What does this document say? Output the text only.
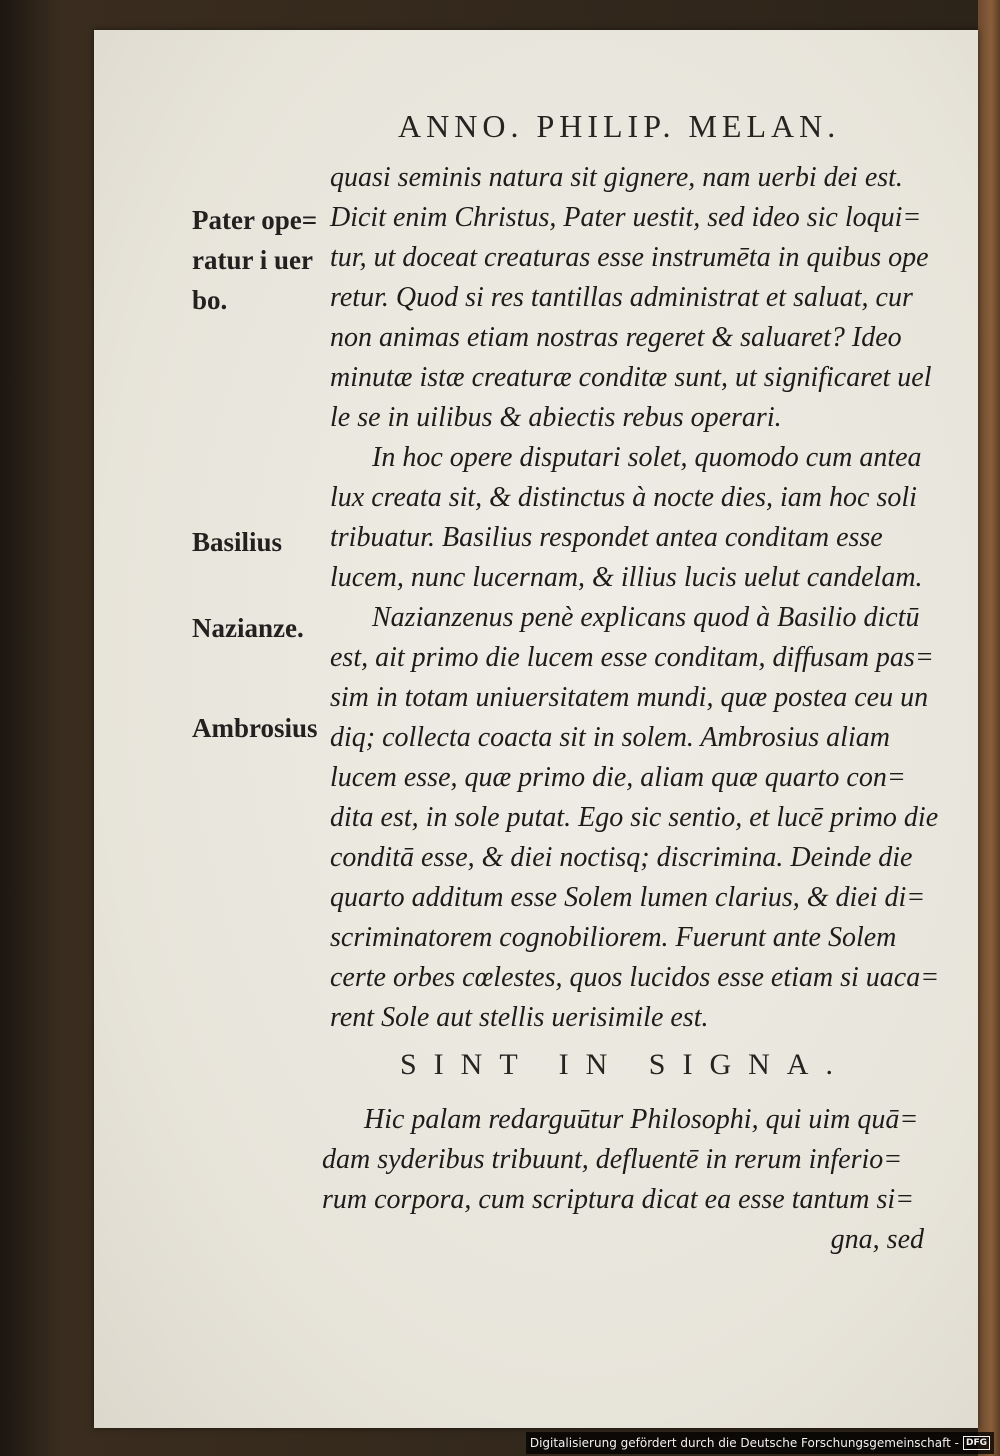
ANNO. PHILIP. MELAN.
Pater ope=
ratur i uer
bo.
Basilius
Nazianze.
Ambrosius
quasi seminis natura sit gignere, nam uerbi dei est.
Dicit enim Christus, Pater uestit, sed ideo sic loqui=
tur, ut doceat creaturas esse instrumēta in quibus ope
retur. Quod si res tantillas administrat et saluat, cur
non animas etiam nostras regeret & saluaret? Ideo
minutæ istæ creaturæ conditæ sunt, ut significaret uel
le se in uilibus & abiectis rebus operari.
In hoc opere disputari solet, quomodo cum antea
lux creata sit, & distinctus à nocte dies, iam hoc soli
tribuatur. Basilius respondet antea conditam esse
lucem, nunc lucernam, & illius lucis uelut candelam.
Nazianzenus penè explicans quod à Basilio dictū
est, ait primo die lucem esse conditam, diffusam pas=
sim in totam uniuersitatem mundi, quæ postea ceu un
diq; collecta coacta sit in solem. Ambrosius aliam
lucem esse, quæ primo die, aliam quæ quarto con=
dita est, in sole putat. Ego sic sentio, et lucē primo die
conditā esse, & diei noctisq; discrimina. Deinde die
quarto additum esse Solem lumen clarius, & diei di=
scriminatorem cognobiliorem. Fuerunt ante Solem
certe orbes cœlestes, quos lucidos esse etiam si uaca=
rent Sole aut stellis uerisimile est.
SINT IN SIGNA.
Hic palam redarguūtur Philosophi, qui uim quā=
dam syderibus tribuunt, defluentē in rerum inferio=
rum corpora, cum scriptura dicat ea esse tantum si=
gna, sed
Digitalisierung gefördert durch die Deutsche Forschungsgemeinschaft - DFG
